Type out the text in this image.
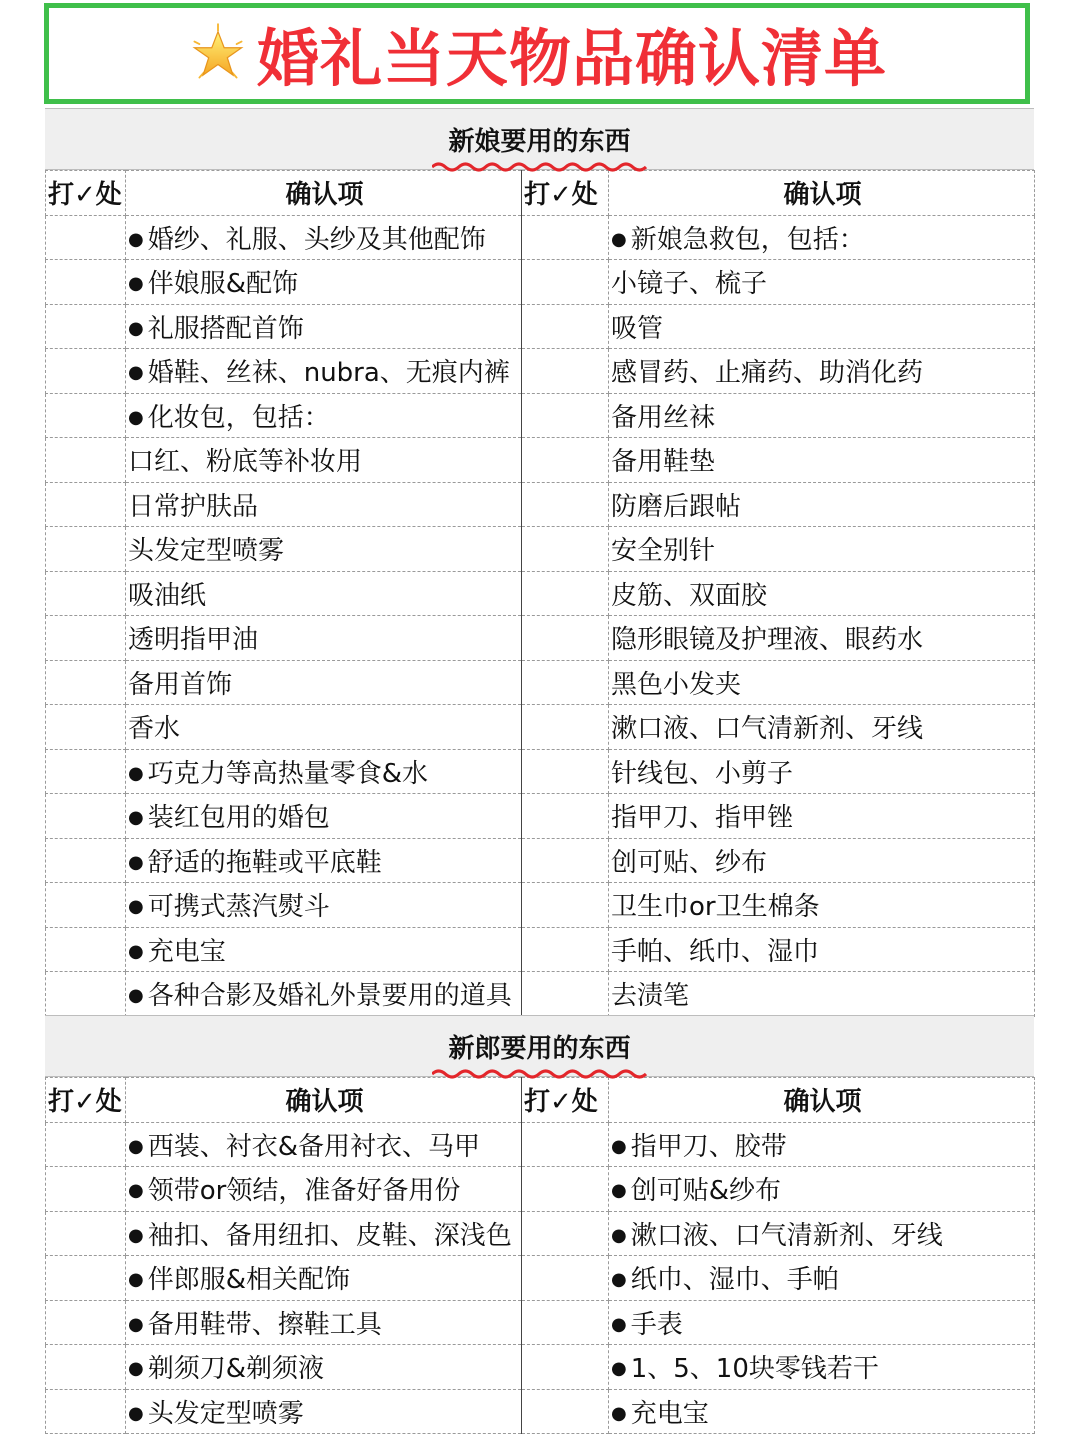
婚礼当天物品确认清单
新娘要用的东西
打✓处	确认项	打✓处	确认项
	● 婚纱、礼服、头纱及其他配饰		● 新娘急救包，包括：
	● 伴娘服&配饰		小镜子、梳子
	● 礼服搭配首饰		吸管
	● 婚鞋、丝袜、nubra、无痕内裤		感冒药、止痛药、助消化药
	● 化妆包，包括：		备用丝袜
	口红、粉底等补妆用		备用鞋垫
	日常护肤品		防磨后跟帖
	头发定型喷雾		安全别针
	吸油纸		皮筋、双面胶
	透明指甲油		隐形眼镜及护理液、眼药水
	备用首饰		黑色小发夹
	香水		漱口液、口气清新剂、牙线
	● 巧克力等高热量零食&水		针线包、小剪子
	● 装红包用的婚包		指甲刀、指甲锉
	● 舒适的拖鞋或平底鞋		创可贴、纱布
	● 可携式蒸汽熨斗		卫生巾or卫生棉条
	● 充电宝		手帕、纸巾、湿巾
	● 各种合影及婚礼外景要用的道具		去渍笔
新郎要用的东西
打✓处	确认项	打✓处	确认项
	● 西装、衬衣&备用衬衣、马甲		● 指甲刀、胶带
	● 领带or领结，准备好备用份		● 创可贴&纱布
	● 袖扣、备用纽扣、皮鞋、深浅色		● 漱口液、口气清新剂、牙线
	● 伴郎服&相关配饰		● 纸巾、湿巾、手帕
	● 备用鞋带、擦鞋工具		● 手表
	● 剃须刀&剃须液		● 1、5、10块零钱若干
	● 头发定型喷雾		● 充电宝
